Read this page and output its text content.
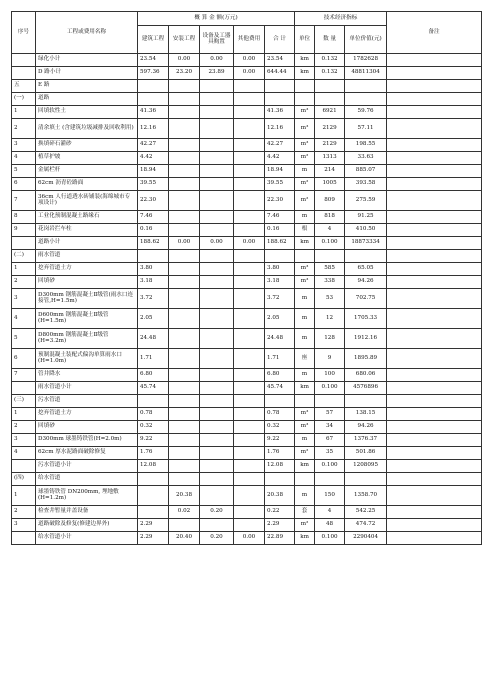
序号	工程或费用名称	概 算 金 额(万元)					技术经济指标			备注
		建筑工程	安装工程	设备及工器具购置	其他费用	合 计	单位	数 量	单位价值(元)	
	绿化小计	23.54	0.00	0.00	0.00	23.54	km	0.132	1782628	
	D 路小计	597.36	23.20	23.89	0.00	644.44	km	0.132	48811304	
五	E 路									
(一)	道路									
1	回填软性土	41.36				41.36	m³	6921	59.76	
2	清余填土 (含建筑垃圾减排及回收利用)	12.16				12.16	m³	2129	57.11	
3	换填碎石灌砂	42.27				42.27	m³	2129	198.55	
4	植草护坡	4.42				4.42	m²	1313	33.63	
5	金属栏杆	18.94				18.94	m	214	885.07	
6	62cm 沥青砼路面	39.55				39.55	m²	1005	393.58	
7	36cm 人行道透水砖铺装(海绵城市专项设计)	22.30				22.30	m²	809	275.59	
8	工业化预制混凝土路缘石	7.46				7.46	m	818	91.25	
9	花岗岩拦车柱	0.16				0.16	根	4	410.50	
	道路小计	188.62	0.00	0.00	0.00	188.62	km	0.100	18873334	
(二)	雨水管道									
1	挖弃管道土方	3.80				3.80	m³	585	65.05	
2	回填砂	3.18				3.18	m³	338	94.26	
3	D300mm 钢筋混凝土Ⅱ级管(雨水口连接管,H=1.5m)	3.72				3.72	m	53	702.75	
4	D600mm 钢筋混凝土Ⅱ级管(H=1.5m)	2.05				2.05	m	12	1705.33	
5	D800mm 钢筋混凝土Ⅱ级管(H=3.2m)	24.48				24.48	m	128	1912.16	
6	预制混凝土装配式偏沟单算雨水口(H=1.0m)	1.71				1.71	座	9	1895.89	
7	管井降水	6.80				6.80	m	100	680.06	
	雨水管道小计	45.74				45.74	km	0.100	4576896	
(三)	污水管道									
1	挖弃管道土方	0.78				0.78	m³	57	138.15	
2	回填砂	0.32				0.32	m³	34	94.26	
3	D300mm 球墨铸铁管(H=2.0m)	9.22				9.22	m	67	1376.37	
4	62cm 厚水泥路面破除修复	1.76				1.76	m²	35	501.86	
	污水管道小计	12.08				12.08	km	0.100	1208095	
(四)	给水管道									
1	球墨铸铁管 DN200mm, 埋地敷(H=1.2m)		20.38			20.38	m	150	1358.70	
2	检查井暂量并盖设备		0.02	0.20		0.22	套	4	542.25	
3	道路破除及修复(修建边界外)	2.29				2.29	m²	48	474.72	
	给水管道小计	2.29	20.40	0.20	0.00	22.89	km	0.100	2290404	
